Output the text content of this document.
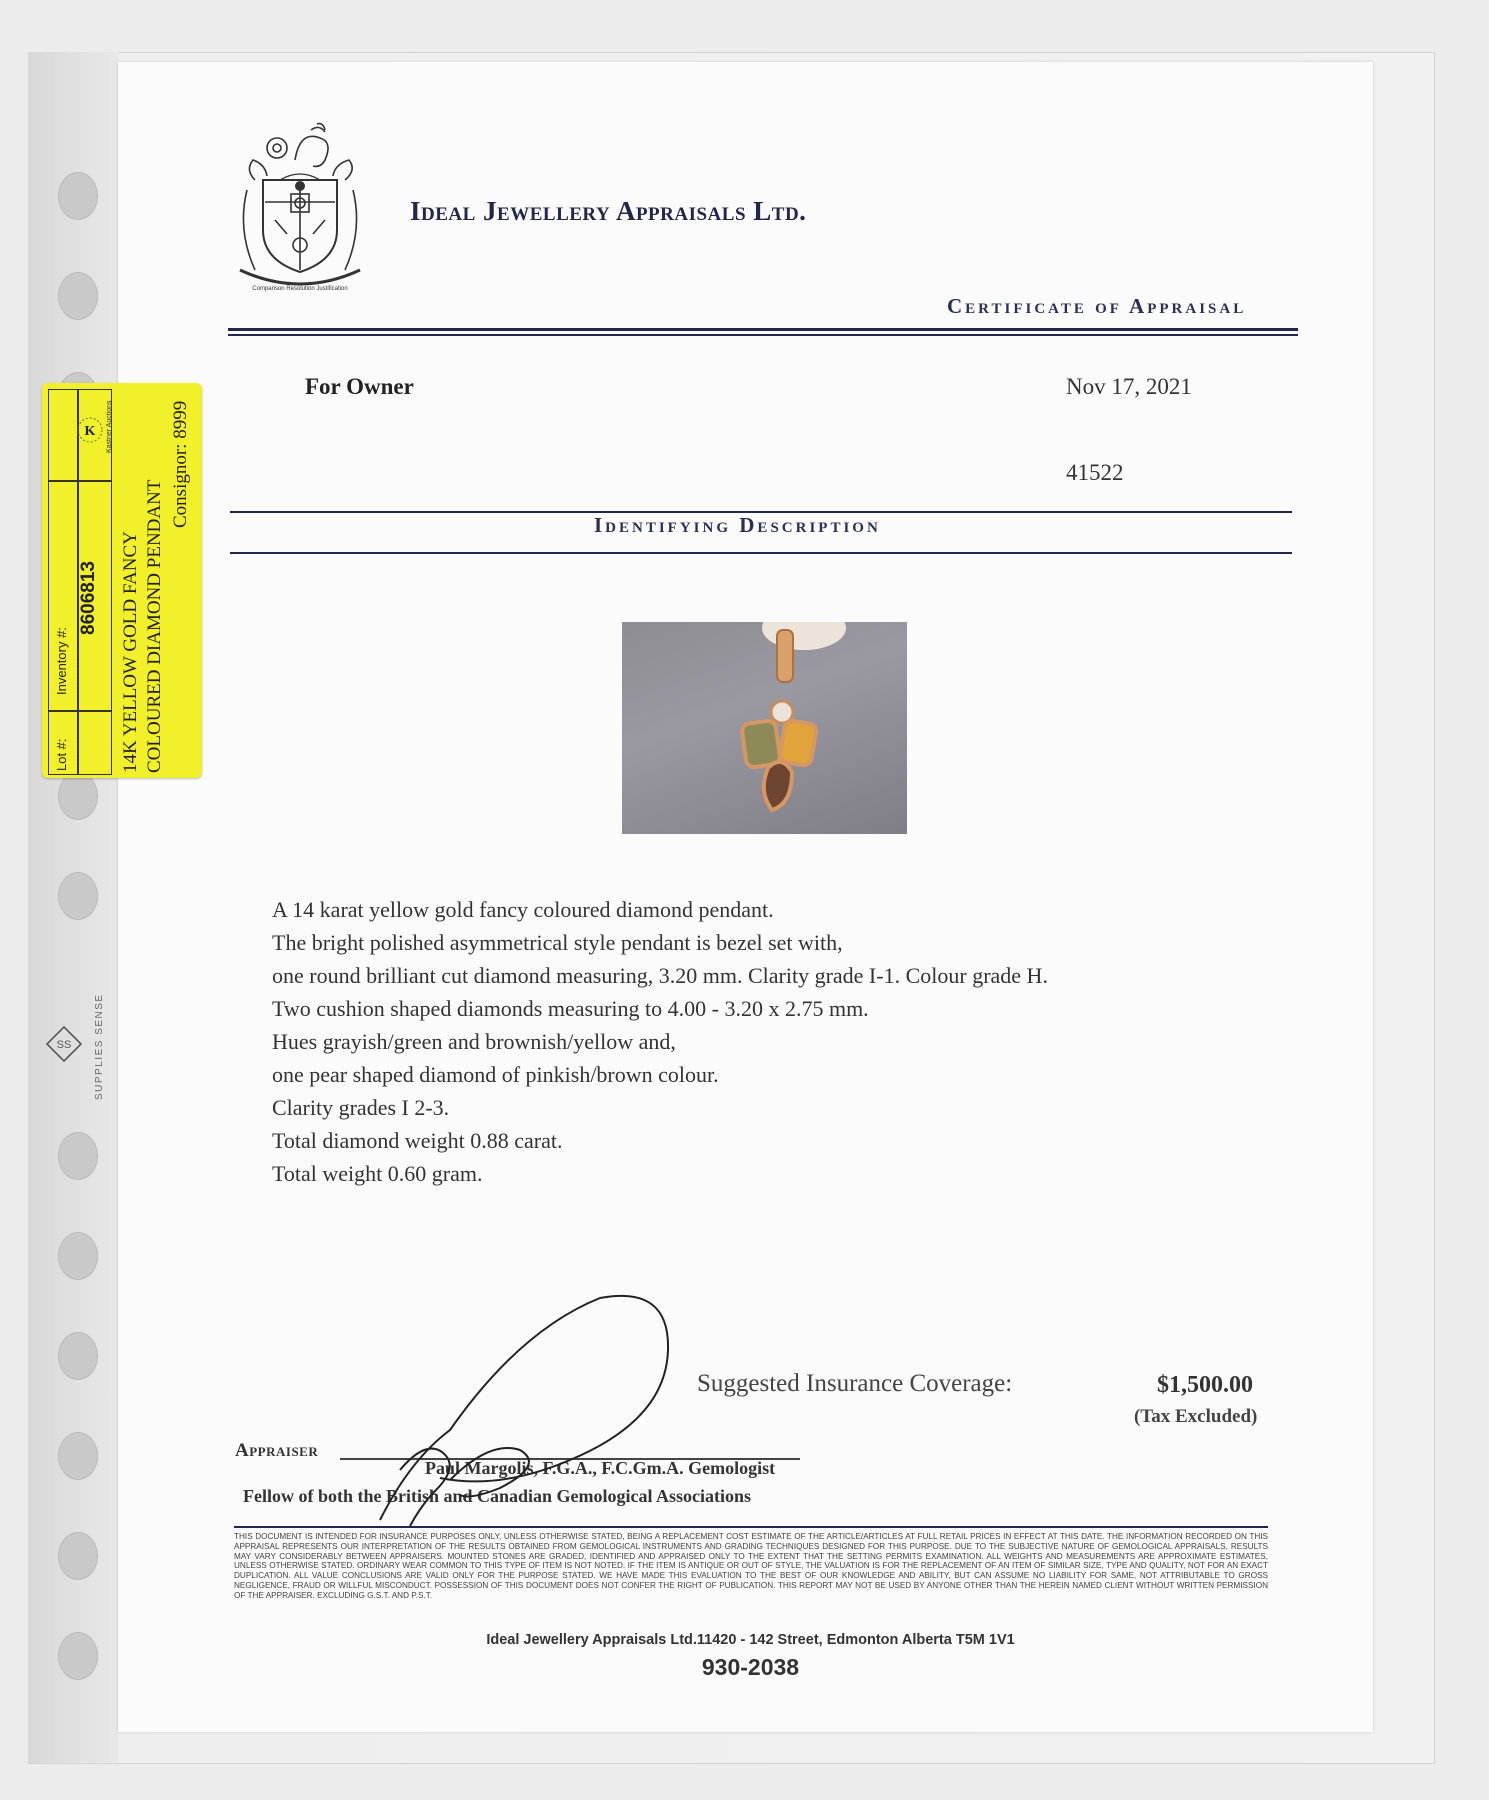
SS SUPPLIES SENSE
Comparison Resolution Justification
Ideal Jewellery Appraisals Ltd.
Certificate of Appraisal
For Owner	Nov 17, 2021
41522
Identifying Description
A 14 karat yellow gold fancy coloured diamond pendant.
The bright polished asymmetrical style pendant is bezel set with,
one round brilliant cut diamond measuring, 3.20 mm. Clarity grade I-1. Colour grade H.
Two cushion shaped diamonds measuring to 4.00 - 3.20 x 2.75 mm.
Hues grayish/green and brownish/yellow and,
one pear shaped diamond of pinkish/brown colour.
Clarity grades I 2-3.
Total diamond weight 0.88 carat.
Total weight 0.60 gram.
Suggested Insurance Coverage:	$1,500.00
(Tax Excluded)
Appraiser
Paul Margolis, F.G.A., F.C.Gm.A. Gemologist
Fellow of both the British and Canadian Gemological Associations
THIS DOCUMENT IS INTENDED FOR INSURANCE PURPOSES ONLY, UNLESS OTHERWISE STATED, BEING A REPLACEMENT COST ESTIMATE OF THE ARTICLE/ARTICLES AT FULL RETAIL PRICES IN EFFECT AT THIS DATE. THE INFORMATION RECORDED ON THIS APPRAISAL REPRESENTS OUR INTERPRETATION OF THE RESULTS OBTAINED FROM GEMOLOGICAL INSTRUMENTS AND GRADING TECHNIQUES DESIGNED FOR THIS PURPOSE. DUE TO THE SUBJECTIVE NATURE OF GEMOLOGICAL APPRAISALS, RESULTS MAY VARY CONSIDERABLY BETWEEN APPRAISERS. MOUNTED STONES ARE GRADED, IDENTIFIED AND APPRAISED ONLY TO THE EXTENT THAT THE SETTING PERMITS EXAMINATION. ALL WEIGHTS AND MEASUREMENTS ARE APPROXIMATE ESTIMATES, UNLESS OTHERWISE STATED. ORDINARY WEAR COMMON TO THIS TYPE OF ITEM IS NOT NOTED. IF THE ITEM IS ANTIQUE OR OUT OF STYLE, THE VALUATION IS FOR THE REPLACEMENT OF AN ITEM OF SIMILAR SIZE, TYPE AND QUALITY, NOT FOR AN EXACT DUPLICATION. ALL VALUE CONCLUSIONS ARE VALID ONLY FOR THE PURPOSE STATED. WE HAVE MADE THIS EVALUATION TO THE BEST OF OUR KNOWLEDGE AND ABILITY, BUT CAN ASSUME NO LIABILITY FOR SAME, NOT ATTRIBUTABLE TO GROSS NEGLIGENCE, FRAUD OR WILLFUL MISCONDUCT. POSSESSION OF THIS DOCUMENT DOES NOT CONFER THE RIGHT OF PUBLICATION. THIS REPORT MAY NOT BE USED BY ANYONE OTHER THAN THE HEREIN NAMED CLIENT WITHOUT WRITTEN PERMISSION OF THE APPRAISER. EXCLUDING G.S.T. AND P.S.T.
Ideal Jewellery Appraisals Ltd.11420 - 142 Street, Edmonton Alberta T5M 1V1
930-2038
K
Lot #:
Inventory #:
8606813
Kastner Auctions
14K YELLOW GOLD FANCY COLOURED DIAMOND PENDANT
Consignor: 8999
